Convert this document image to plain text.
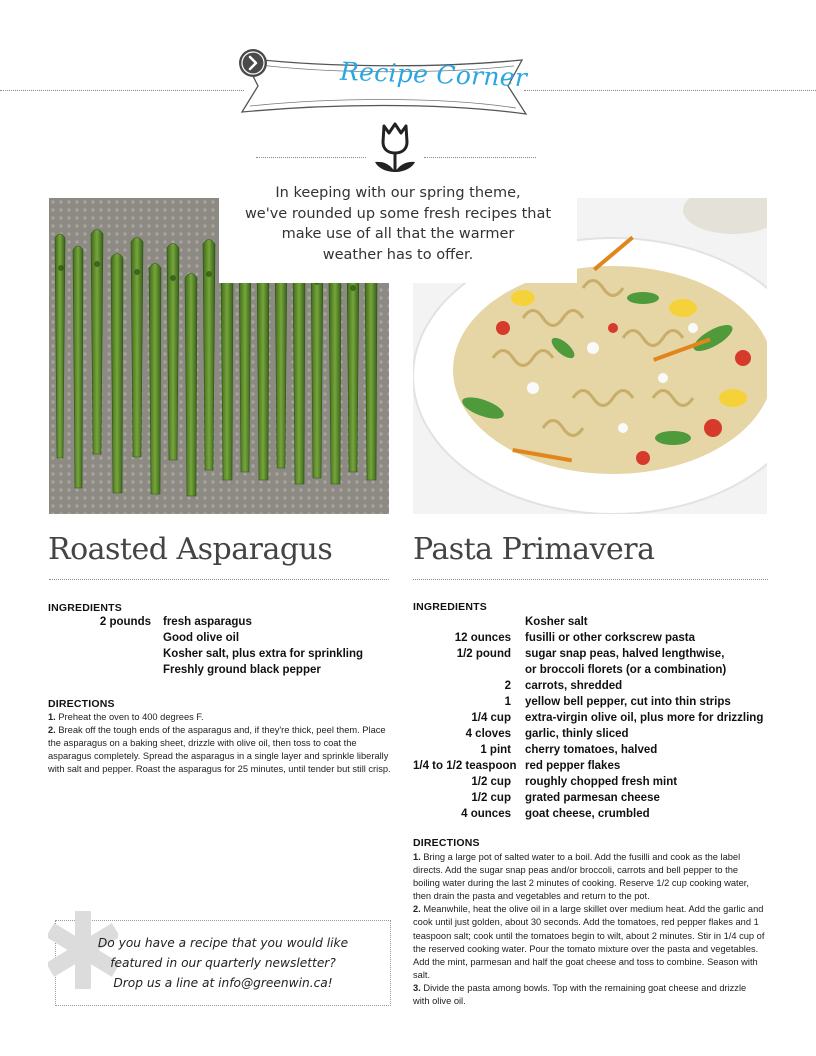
Recipe Corner
In keeping with our spring theme,
we've rounded up some fresh recipes that
make use of all that the warmer
weather has to offer.
Roasted Asparagus
INGREDIENTS
2 pounds fresh asparagus
Good olive oil
Kosher salt, plus extra for sprinkling
Freshly ground black pepper
DIRECTIONS

1. Preheat the oven to 400 degrees F.

2. Break off the tough ends of the asparagus and, if they're thick, peel them. Place the asparagus on a baking sheet, drizzle with olive oil, then toss to coat the asparagus completely. Spread the asparagus in a single layer and sprinkle liberally with salt and pepper. Roast the asparagus for 25 minutes, until tender but still crisp.

Pasta Primavera
INGREDIENTS
Kosher salt
12 ounces fusilli or other corkscrew pasta
1/2 pound sugar snap peas, halved lengthwise,
or broccoli florets (or a combination)
2 carrots, shredded
1 yellow bell pepper, cut into thin strips
1/4 cup extra-virgin olive oil, plus more for drizzling
4 cloves garlic, thinly sliced
1 pint cherry tomatoes, halved
1/4 to 1/2 teaspoon red pepper flakes
1/2 cup roughly chopped fresh mint
1/2 cup grated parmesan cheese
4 ounces goat cheese, crumbled
DIRECTIONS

1. Bring a large pot of salted water to a boil. Add the fusilli and cook as the label directs. Add the sugar snap peas and/or broccoli, carrots and bell pepper to the boiling water during the last 2 minutes of cooking. Reserve 1/2 cup cooking water, then drain the pasta and vegetables and return to the pot.

2. Meanwhile, heat the olive oil in a large skillet over medium heat. Add the garlic and cook until just golden, about 30 seconds. Add the tomatoes, red pepper flakes and 1 teaspoon salt; cook until the tomatoes begin to wilt, about 2 minutes. Stir in 1/4 cup of the reserved cooking water. Pour the tomato mixture over the pasta and vegetables. Add the mint, parmesan and half the goat cheese and toss to combine. Season with salt.

3. Divide the pasta among bowls. Top with the remaining goat cheese and drizzle with olive oil.

Do you have a recipe that you would like
featured in our quarterly newsletter?
Drop us a line at info@greenwin.ca!
